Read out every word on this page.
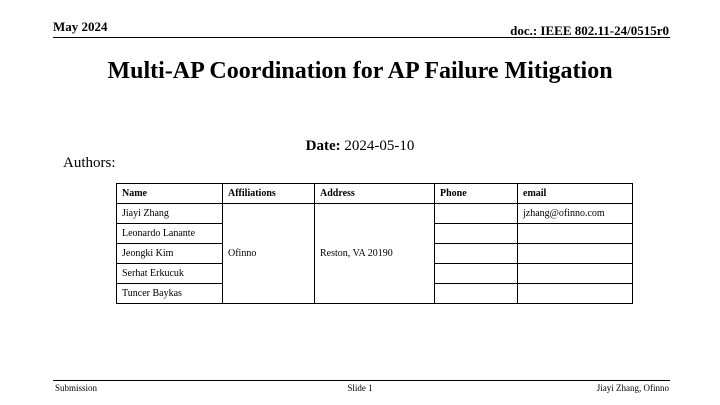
May 2024	doc.: IEEE 802.11-24/0515r0
Multi-AP Coordination for AP Failure Mitigation
Date: 2024-05-10
Authors:
Name	Affiliations	Address	Phone	email
Jiayi Zhang	Ofinno	Reston, VA 20190		jzhang@ofinno.com
Leonardo Lanante				
Jeongki Kim				
Serhat Erkucuk				
Tuncer Baykas				
Submission	Slide 1	Jiayi Zhang, Ofinno
